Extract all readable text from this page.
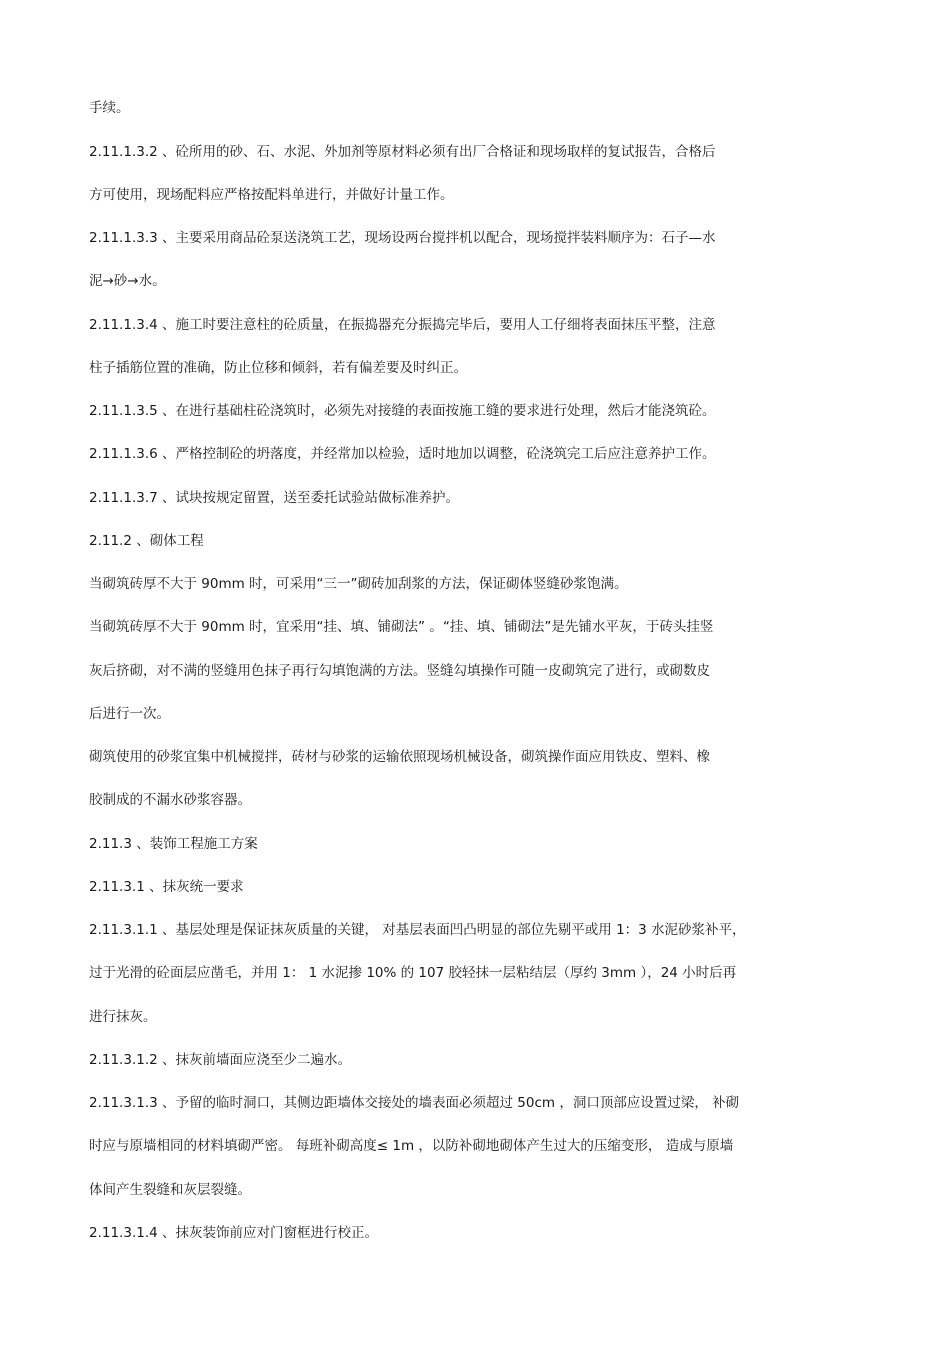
手续。
2.11.1.3.2 、砼所用的砂、石、水泥、外加剂等原材料必须有出厂合格证和现场取样的复试报告，合格后
方可使用，现场配料应严格按配料单进行，并做好计量工作。
2.11.1.3.3 、主要采用商品砼泵送浇筑工艺，现场设两台搅拌机以配合，现场搅拌装料顺序为：石子—水
泥→砂→水。
2.11.1.3.4 、施工时要注意柱的砼质量，在振捣器充分振捣完毕后，要用人工仔细将表面抹压平整，注意
柱子插筋位置的准确，防止位移和倾斜，若有偏差要及时纠正。
2.11.1.3.5 、在进行基础柱砼浇筑时，必须先对接缝的表面按施工缝的要求进行处理，然后才能浇筑砼。
2.11.1.3.6 、严格控制砼的坍落度，并经常加以检验，适时地加以调整，砼浇筑完工后应注意养护工作。
2.11.1.3.7 、试块按规定留置，送至委托试验站做标准养护。
2.11.2 、砌体工程
当砌筑砖厚不大于 90mm 时，可采用“三一”砌砖加刮浆的方法，保证砌体竖缝砂浆饱满。
当砌筑砖厚不大于 90mm 时，宜采用“挂、填、铺砌法” 。“挂、填、铺砌法”是先铺水平灰，于砖头挂竖
灰后挤砌，对不满的竖缝用色抹子再行勾填饱满的方法。竖缝勾填操作可随一皮砌筑完了进行，或砌数皮
后进行一次。
砌筑使用的砂浆宜集中机械搅拌，砖材与砂浆的运输依照现场机械设备，砌筑操作面应用铁皮、塑料、橡
胶制成的不漏水砂浆容器。
2.11.3 、装饰工程施工方案
2.11.3.1 、抹灰统一要求
2.11.3.1.1 、基层处理是保证抹灰质量的关键， 对基层表面凹凸明显的部位先剔平或用 1：3 水泥砂浆补平，
过于光滑的砼面层应凿毛，并用 1： 1 水泥掺 10% 的 107 胶轻抹一层粘结层（厚约 3mm ），24 小时后再
进行抹灰。
2.11.3.1.2 、抹灰前墙面应浇至少二遍水。
2.11.3.1.3 、予留的临时洞口，其侧边距墙体交接处的墙表面必须超过 50cm ，洞口顶部应设置过梁， 补砌
时应与原墙相同的材料填砌严密。 每班补砌高度≤ 1m ，以防补砌地砌体产生过大的压缩变形， 造成与原墙
体间产生裂缝和灰层裂缝。
2.11.3.1.4 、抹灰装饰前应对门窗框进行校正。
